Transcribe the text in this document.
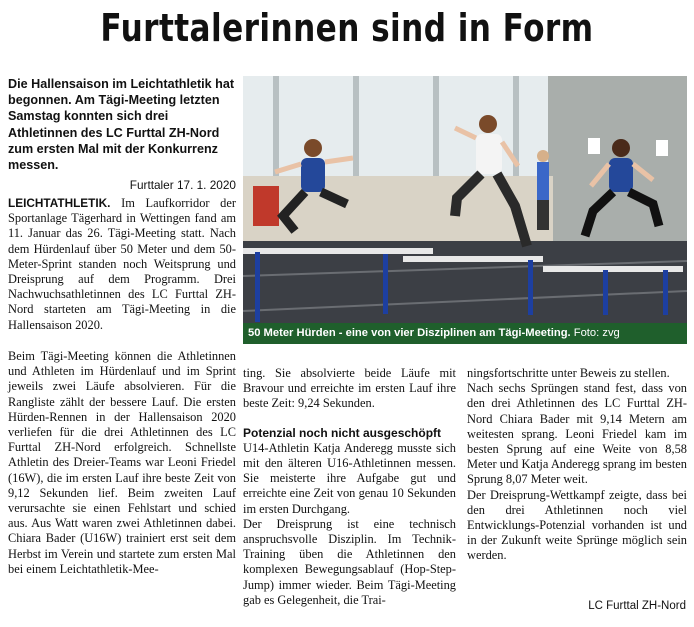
Furttalerinnen sind in Form
Die Hallensaison im Leichtathletik hat begonnen. Am Tägi-Meeting letzten Samstag konnten sich drei Athletinnen des LC Furttal ZH-Nord zum ersten Mal mit der Konkurrenz messen.
Furttaler 17. 1. 2020

LEICHTATHLETIK. Im Laufkorridor der Sportanlage Tägerhard in Wettingen fand am 11. Januar das 26. Tägi-Meeting statt. Nach dem Hürdenlauf über 50 Meter und dem 50-Meter-Sprint standen noch Weitsprung und Dreisprung auf dem Programm. Drei Nachwuchsathletinnen des LC Furttal ZH-Nord starteten am Tägi-Meeting in die Hallensaison 2020.

Beim Tägi-Meeting können die Athletinnen und Athleten im Hürdenlauf und im Sprint jeweils zwei Läufe absolvieren. Für die Rangliste zählt der bessere Lauf. Die ersten Hürden-Rennen in der Hallensaison 2020 verliefen für die drei Athletinnen des LC Furttal ZH-Nord erfolgreich. Schnellste Athletin des Dreier-Teams war Leoni Friedel (16W), die im ersten Lauf ihre beste Zeit von 9,12 Sekunden lief. Beim zweiten Lauf verursachte sie einen Fehlstart und schied aus. Aus Watt waren zwei Athletinnen dabei. Chiara Bader (U16W) trainiert erst seit dem Herbst im Verein und startete zum ersten Mal bei einem Leichtathletik-Mee-

50 Meter Hürden - eine von vier Disziplinen am Tägi-Meeting. Foto: zvg

ting. Sie absolvierte beide Läufe mit Bravour und erreichte im ersten Lauf ihre beste Zeit: 9,24 Sekunden.

Potenzial noch nicht ausgeschöpft

U14-Athletin Katja Anderegg musste sich mit den älteren U16-Athletinnen messen. Sie meisterte ihre Aufgabe gut und erreichte eine Zeit von genau 10 Sekunden im ersten Durchgang.

Der Dreisprung ist eine technisch anspruchsvolle Disziplin. Im Technik-Training üben die Athletinnen den komplexen Bewegungsablauf (Hop-Step-Jump) immer wieder. Beim Tägi-Meeting gab es Gelegenheit, die Trai-

ningsfortschritte unter Beweis zu stellen.

Nach sechs Sprüngen stand fest, dass von den drei Athletinnen des LC Furttal ZH-Nord Chiara Bader mit 9,14 Metern am weitesten sprang. Leoni Friedel kam im besten Sprung auf eine Weite von 8,58 Meter und Katja Anderegg sprang im besten Sprung 8,07 Meter weit.

Der Dreisprung-Wettkampf zeigte, dass bei den drei Athletinnen noch viel Entwicklungs-Potenzial vorhanden ist und in der Zukunft weite Sprünge möglich sein werden.

LC Furttal ZH-Nord
